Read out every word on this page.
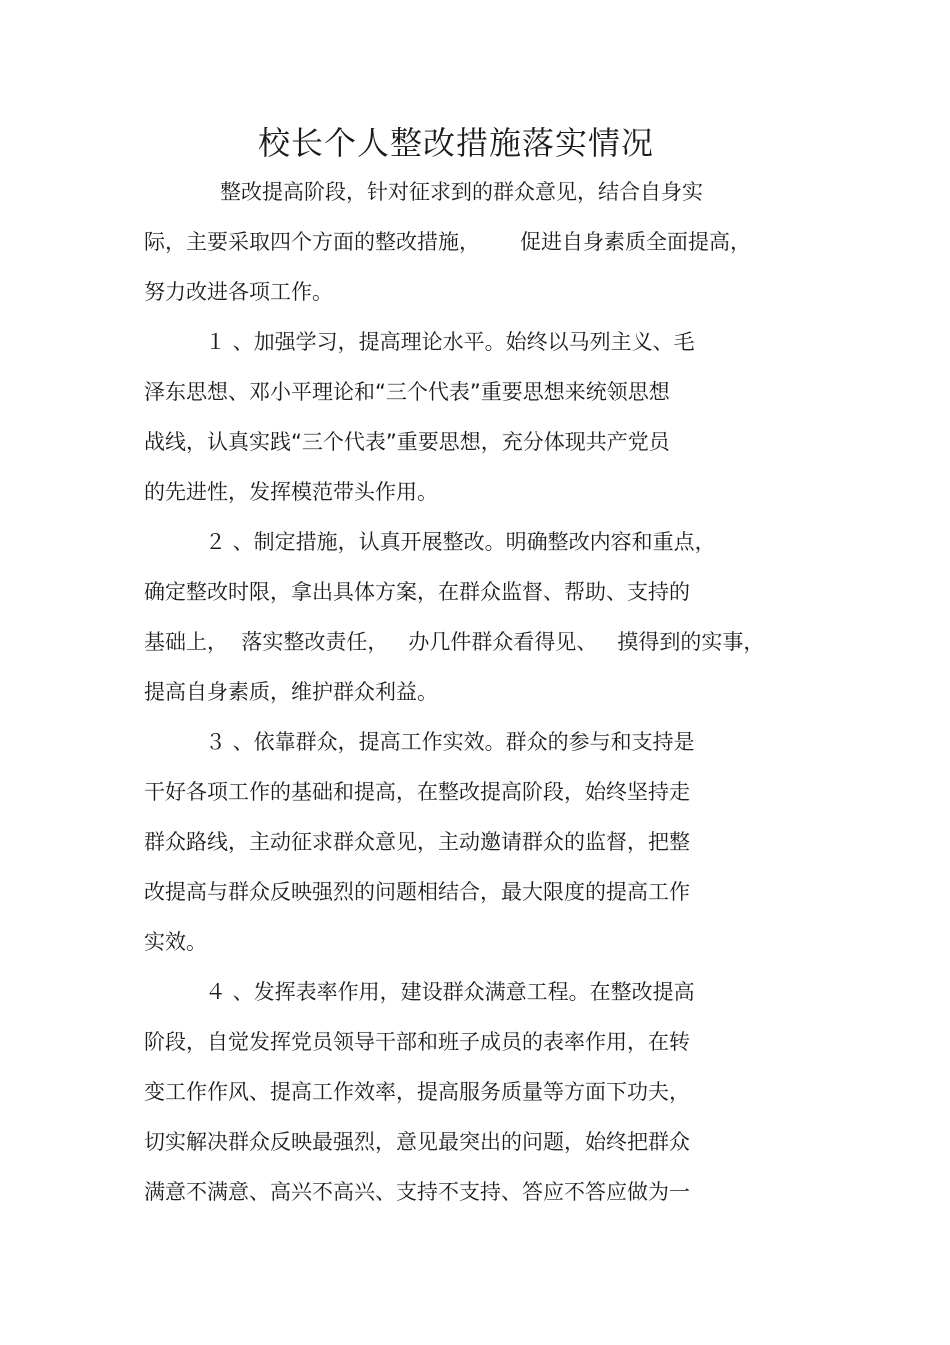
校长个人整改措施落实情况
整改提高阶段，针对征求到的群众意见，结合自身实
际，主要采取四个方面的整改措施，      促进自身素质全面提高，
努力改进各项工作。
１ 、加强学习，提高理论水平。始终以马列主义、毛
泽东思想、邓小平理论和“三个代表”重要思想来统领思想
战线，认真实践“三个代表”重要思想，充分体现共产党员
的先进性，发挥模范带头作用。
２ 、制定措施，认真开展整改。明确整改内容和重点，
确定整改时限，拿出具体方案，在群众监督、帮助、支持的
基础上，  落实整改责任，   办几件群众看得见、   摸得到的实事，
提高自身素质，维护群众利益。
３ 、依靠群众，提高工作实效。群众的参与和支持是
干好各项工作的基础和提高，在整改提高阶段，始终坚持走
群众路线，主动征求群众意见，主动邀请群众的监督，把整
改提高与群众反映强烈的问题相结合，最大限度的提高工作
实效。
４ 、发挥表率作用，建设群众满意工程。在整改提高
阶段，自觉发挥党员领导干部和班子成员的表率作用，在转
变工作作风、提高工作效率，提高服务质量等方面下功夫，
切实解决群众反映最强烈，意见最突出的问题，始终把群众
满意不满意、高兴不高兴、支持不支持、答应不答应做为一
